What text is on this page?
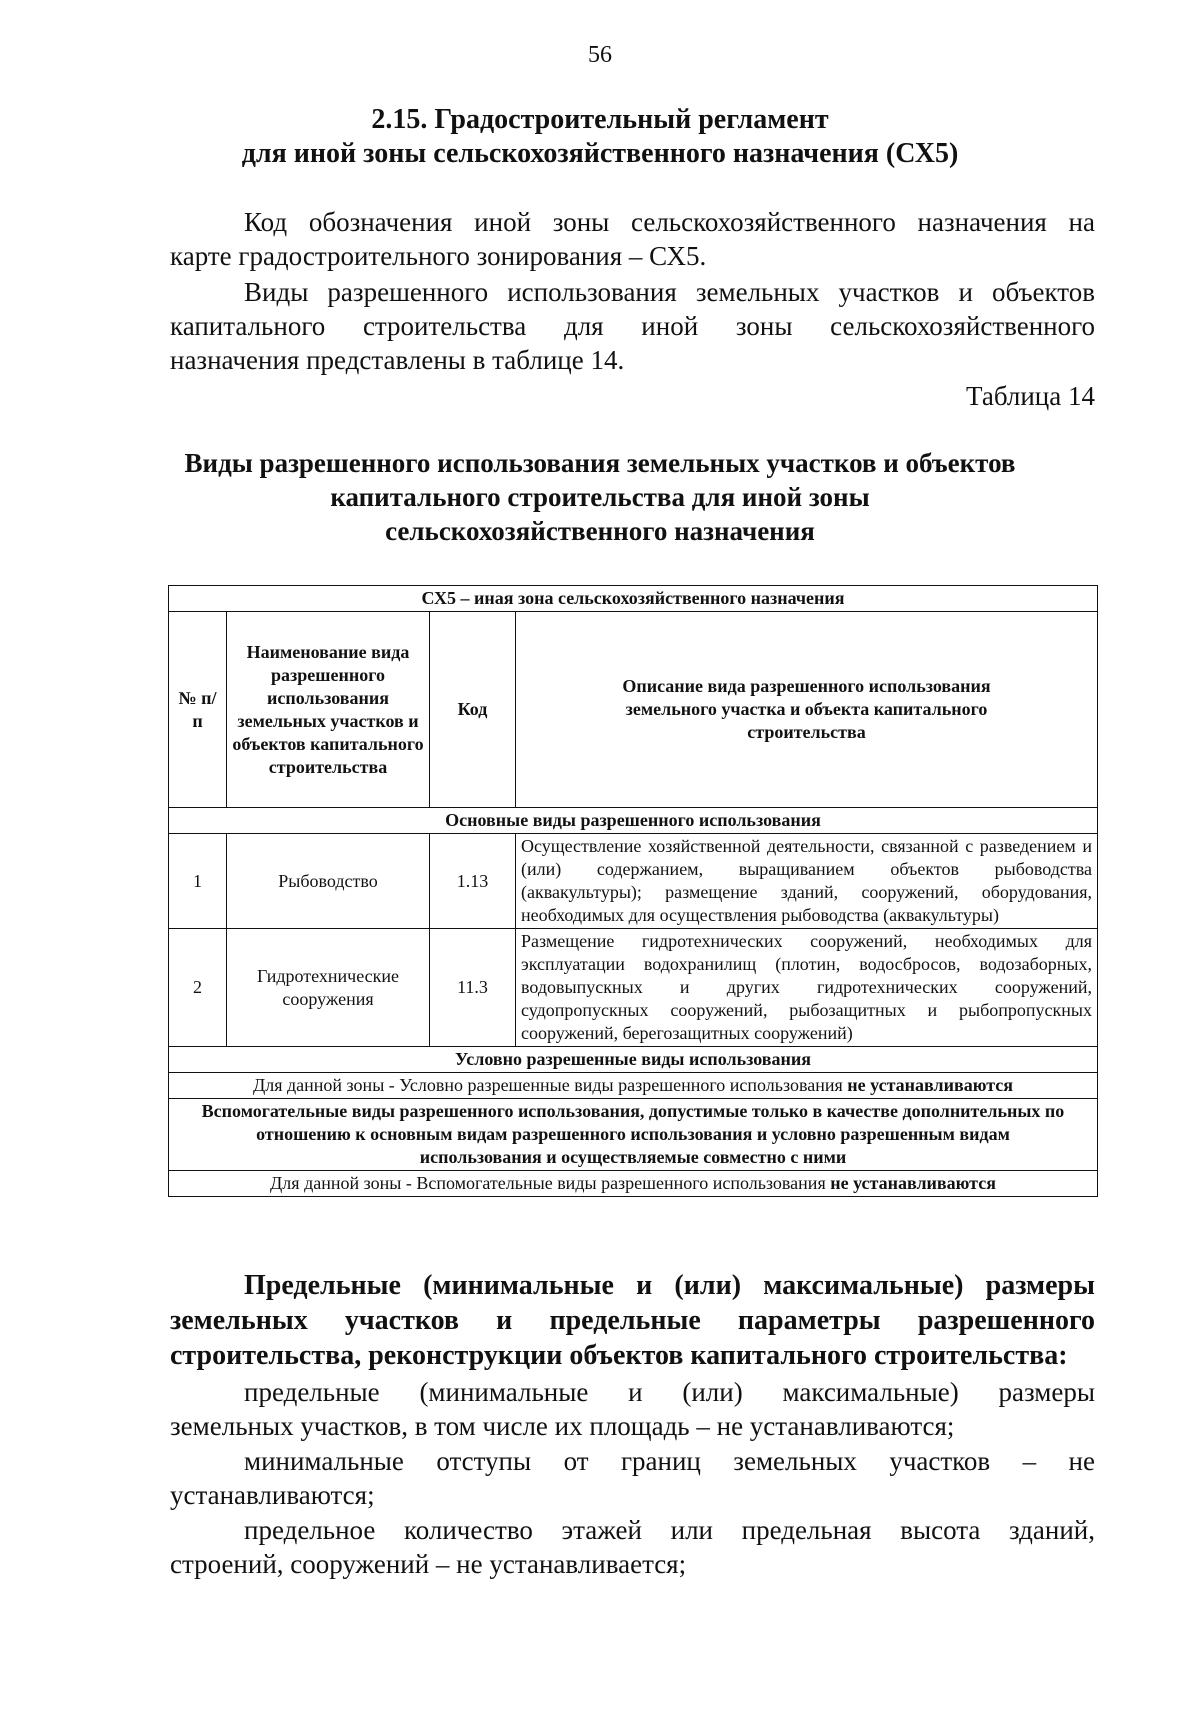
56
2.15. Градостроительный регламент
для иной зоны сельскохозяйственного назначения (СХ5)
Код обозначения иной зоны сельскохозяйственного назначения на
карте градостроительного зонирования – СХ5.
Виды разрешенного использования земельных участков и объектов
капитального строительства для иной зоны сельскохозяйственного
назначения представлены в таблице 14.
Таблица 14
Виды разрешенного использования земельных участков и объектов
капитального строительства для иной зоны
сельскохозяйственного назначения
СХ5 – иная зона сельскохозяйственного назначения			
№ п/п	Наименование вида разрешенного использования земельных участков и объектов капитального строительства	Код	Описание вида разрешенного использования земельного участка и объекта капитального строительства
Основные виды разрешенного использования			
1	Рыбоводство	1.13	Осуществление хозяйственной деятельности, связанной с разведением и (или) содержанием, выращиванием объектов рыбоводства (аквакультуры); размещение зданий, сооружений, оборудования, необходимых для осуществления рыбоводства (аквакультуры)
2	Гидротехнические сооружения	11.3	Размещение гидротехнических сооружений, необходимых для эксплуатации водохранилищ (плотин, водосбросов, водозаборных, водовыпускных и других гидротехнических сооружений, судопропускных сооружений, рыбозащитных и рыбопропускных сооружений, берегозащитных сооружений)
Условно разрешенные виды использования			
Для данной зоны - Условно разрешенные виды разрешенного использования не устанавливаются			
Вспомогательные виды разрешенного использования, допустимые только в качестве дополнительных по отношению к основным видам разрешенного использования и условно разрешенным видам использования и осуществляемые совместно с ними			
Для данной зоны - Вспомогательные виды разрешенного использования не устанавливаются			
Предельные (минимальные и (или) максимальные) размеры
земельных участков и предельные параметры разрешенного
строительства, реконструкции объектов капитального строительства:
предельные (минимальные и (или) максимальные) размеры
земельных участков, в том числе их площадь – не устанавливаются;
минимальные отступы от границ земельных участков – не
устанавливаются;
предельное количество этажей или предельная высота зданий,
строений, сооружений – не устанавливается;
